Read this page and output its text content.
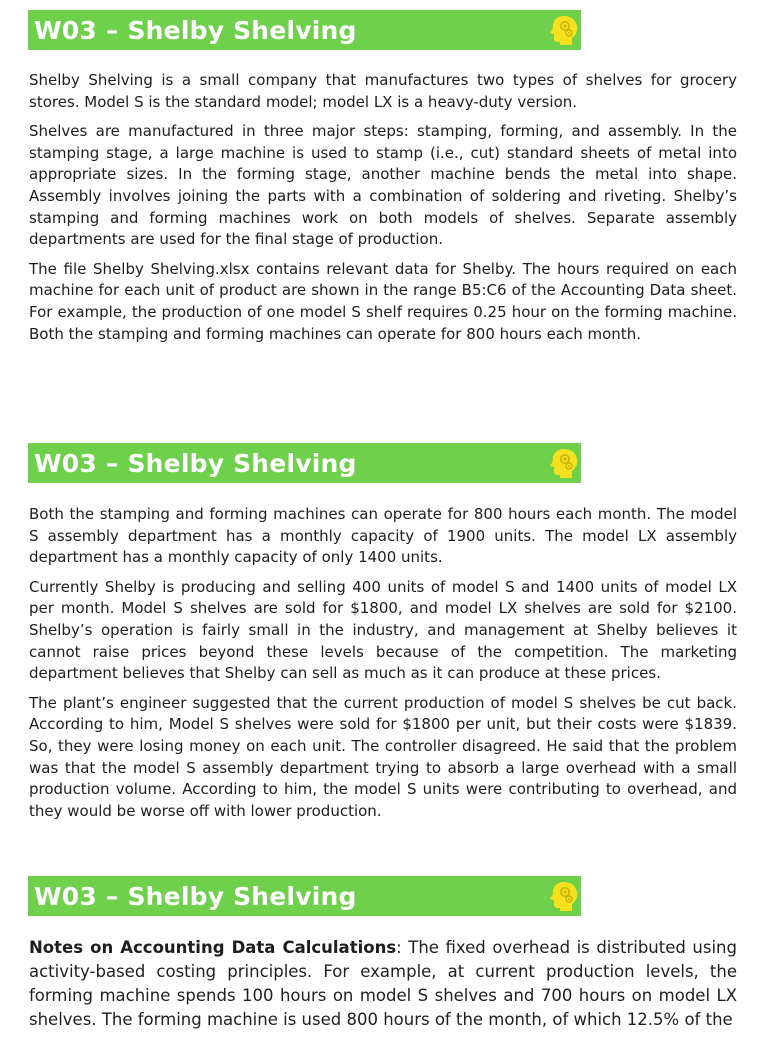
W03 – Shelby Shelving

Shelby Shelving is a small company that manufactures two types of shelves for grocery stores. Model S is the standard model; model LX is a heavy-duty version.

Shelves are manufactured in three major steps: stamping, forming, and assembly. In the stamping stage, a large machine is used to stamp (i.e., cut) standard sheets of metal into appropriate sizes. In the forming stage, another machine bends the metal into shape. Assembly involves joining the parts with a combination of soldering and riveting. Shelby’s stamping and forming machines work on both models of shelves. Separate assembly departments are used for the final stage of production.

The file Shelby Shelving.xlsx contains relevant data for Shelby. The hours required on each machine for each unit of product are shown in the range B5:C6 of the Accounting Data sheet. For example, the production of one model S shelf requires 0.25 hour on the forming machine. Both the stamping and forming machines can operate for 800 hours each month.

W03 – Shelby Shelving

Both the stamping and forming machines can operate for 800 hours each month. The model S assembly department has a monthly capacity of 1900 units. The model LX assembly department has a monthly capacity of only 1400 units.

Currently Shelby is producing and selling 400 units of model S and 1400 units of model LX per month. Model S shelves are sold for $1800, and model LX shelves are sold for $2100. Shelby’s operation is fairly small in the industry, and management at Shelby believes it cannot raise prices beyond these levels because of the competition. The marketing department believes that Shelby can sell as much as it can produce at these prices.

The plant’s engineer suggested that the current production of model S shelves be cut back. According to him, Model S shelves were sold for $1800 per unit, but their costs were $1839. So, they were losing money on each unit. The controller disagreed. He said that the problem was that the model S assembly department trying to absorb a large overhead with a small production volume. According to him, the model S units were contributing to overhead, and they would be worse off with lower production.

W03 – Shelby Shelving

Notes on Accounting Data Calculations: The fixed overhead is distributed using activity-based costing principles. For example, at current production levels, the forming machine spends 100 hours on model S shelves and 700 hours on model LX shelves. The forming machine is used 800 hours of the month, of which 12.5% of the
